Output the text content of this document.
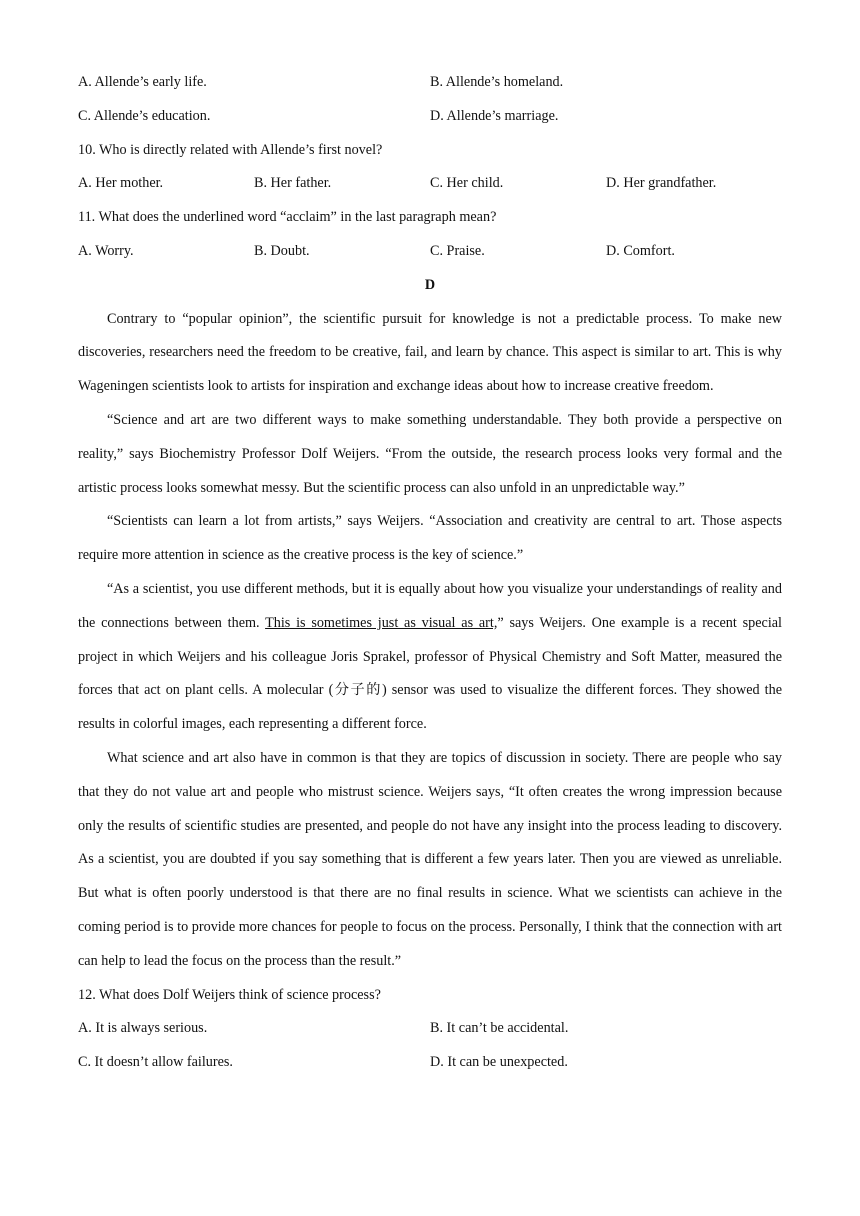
A. Allende’s early life.	B. Allende’s homeland.
C. Allende’s education.	D. Allende’s marriage.
10. Who is directly related with Allende’s first novel?
A. Her mother.	B. Her father.	C. Her child.	D. Her grandfather.
11. What does the underlined word “acclaim” in the last paragraph mean?
A. Worry.	B. Doubt.	C. Praise.	D. Comfort.
D

Contrary to “popular opinion”, the scientific pursuit for knowledge is not a predictable process. To make new discoveries, researchers need the freedom to be creative, fail, and learn by chance. This aspect is similar to art. This is why Wageningen scientists look to artists for inspiration and exchange ideas about how to increase creative freedom.

“Science and art are two different ways to make something understandable. They both provide a perspective on reality,” says Biochemistry Professor Dolf Weijers. “From the outside, the research process looks very formal and the artistic process looks somewhat messy. But the scientific process can also unfold in an unpredictable way.”

“Scientists can learn a lot from artists,” says Weijers. “Association and creativity are central to art. Those aspects require more attention in science as the creative process is the key of science.”

“As a scientist, you use different methods, but it is equally about how you visualize your understandings of reality and the connections between them. This is sometimes just as visual as art,” says Weijers. One example is a recent special project in which Weijers and his colleague Joris Sprakel, professor of Physical Chemistry and Soft Matter, measured the forces that act on plant cells. A molecular (分子的) sensor was used to visualize the different forces. They showed the results in colorful images, each representing a different force.

What science and art also have in common is that they are topics of discussion in society. There are people who say that they do not value art and people who mistrust science. Weijers says, “It often creates the wrong impression because only the results of scientific studies are presented, and people do not have any insight into the process leading to discovery. As a scientist, you are doubted if you say something that is different a few years later. Then you are viewed as unreliable. But what is often poorly understood is that there are no final results in science. What we scientists can achieve in the coming period is to provide more chances for people to focus on the process. Personally, I think that the connection with art can help to lead the focus on the process than the result.”

12. What does Dolf Weijers think of science process?
A. It is always serious.	B. It can’t be accidental.
C. It doesn’t allow failures.	D. It can be unexpected.
